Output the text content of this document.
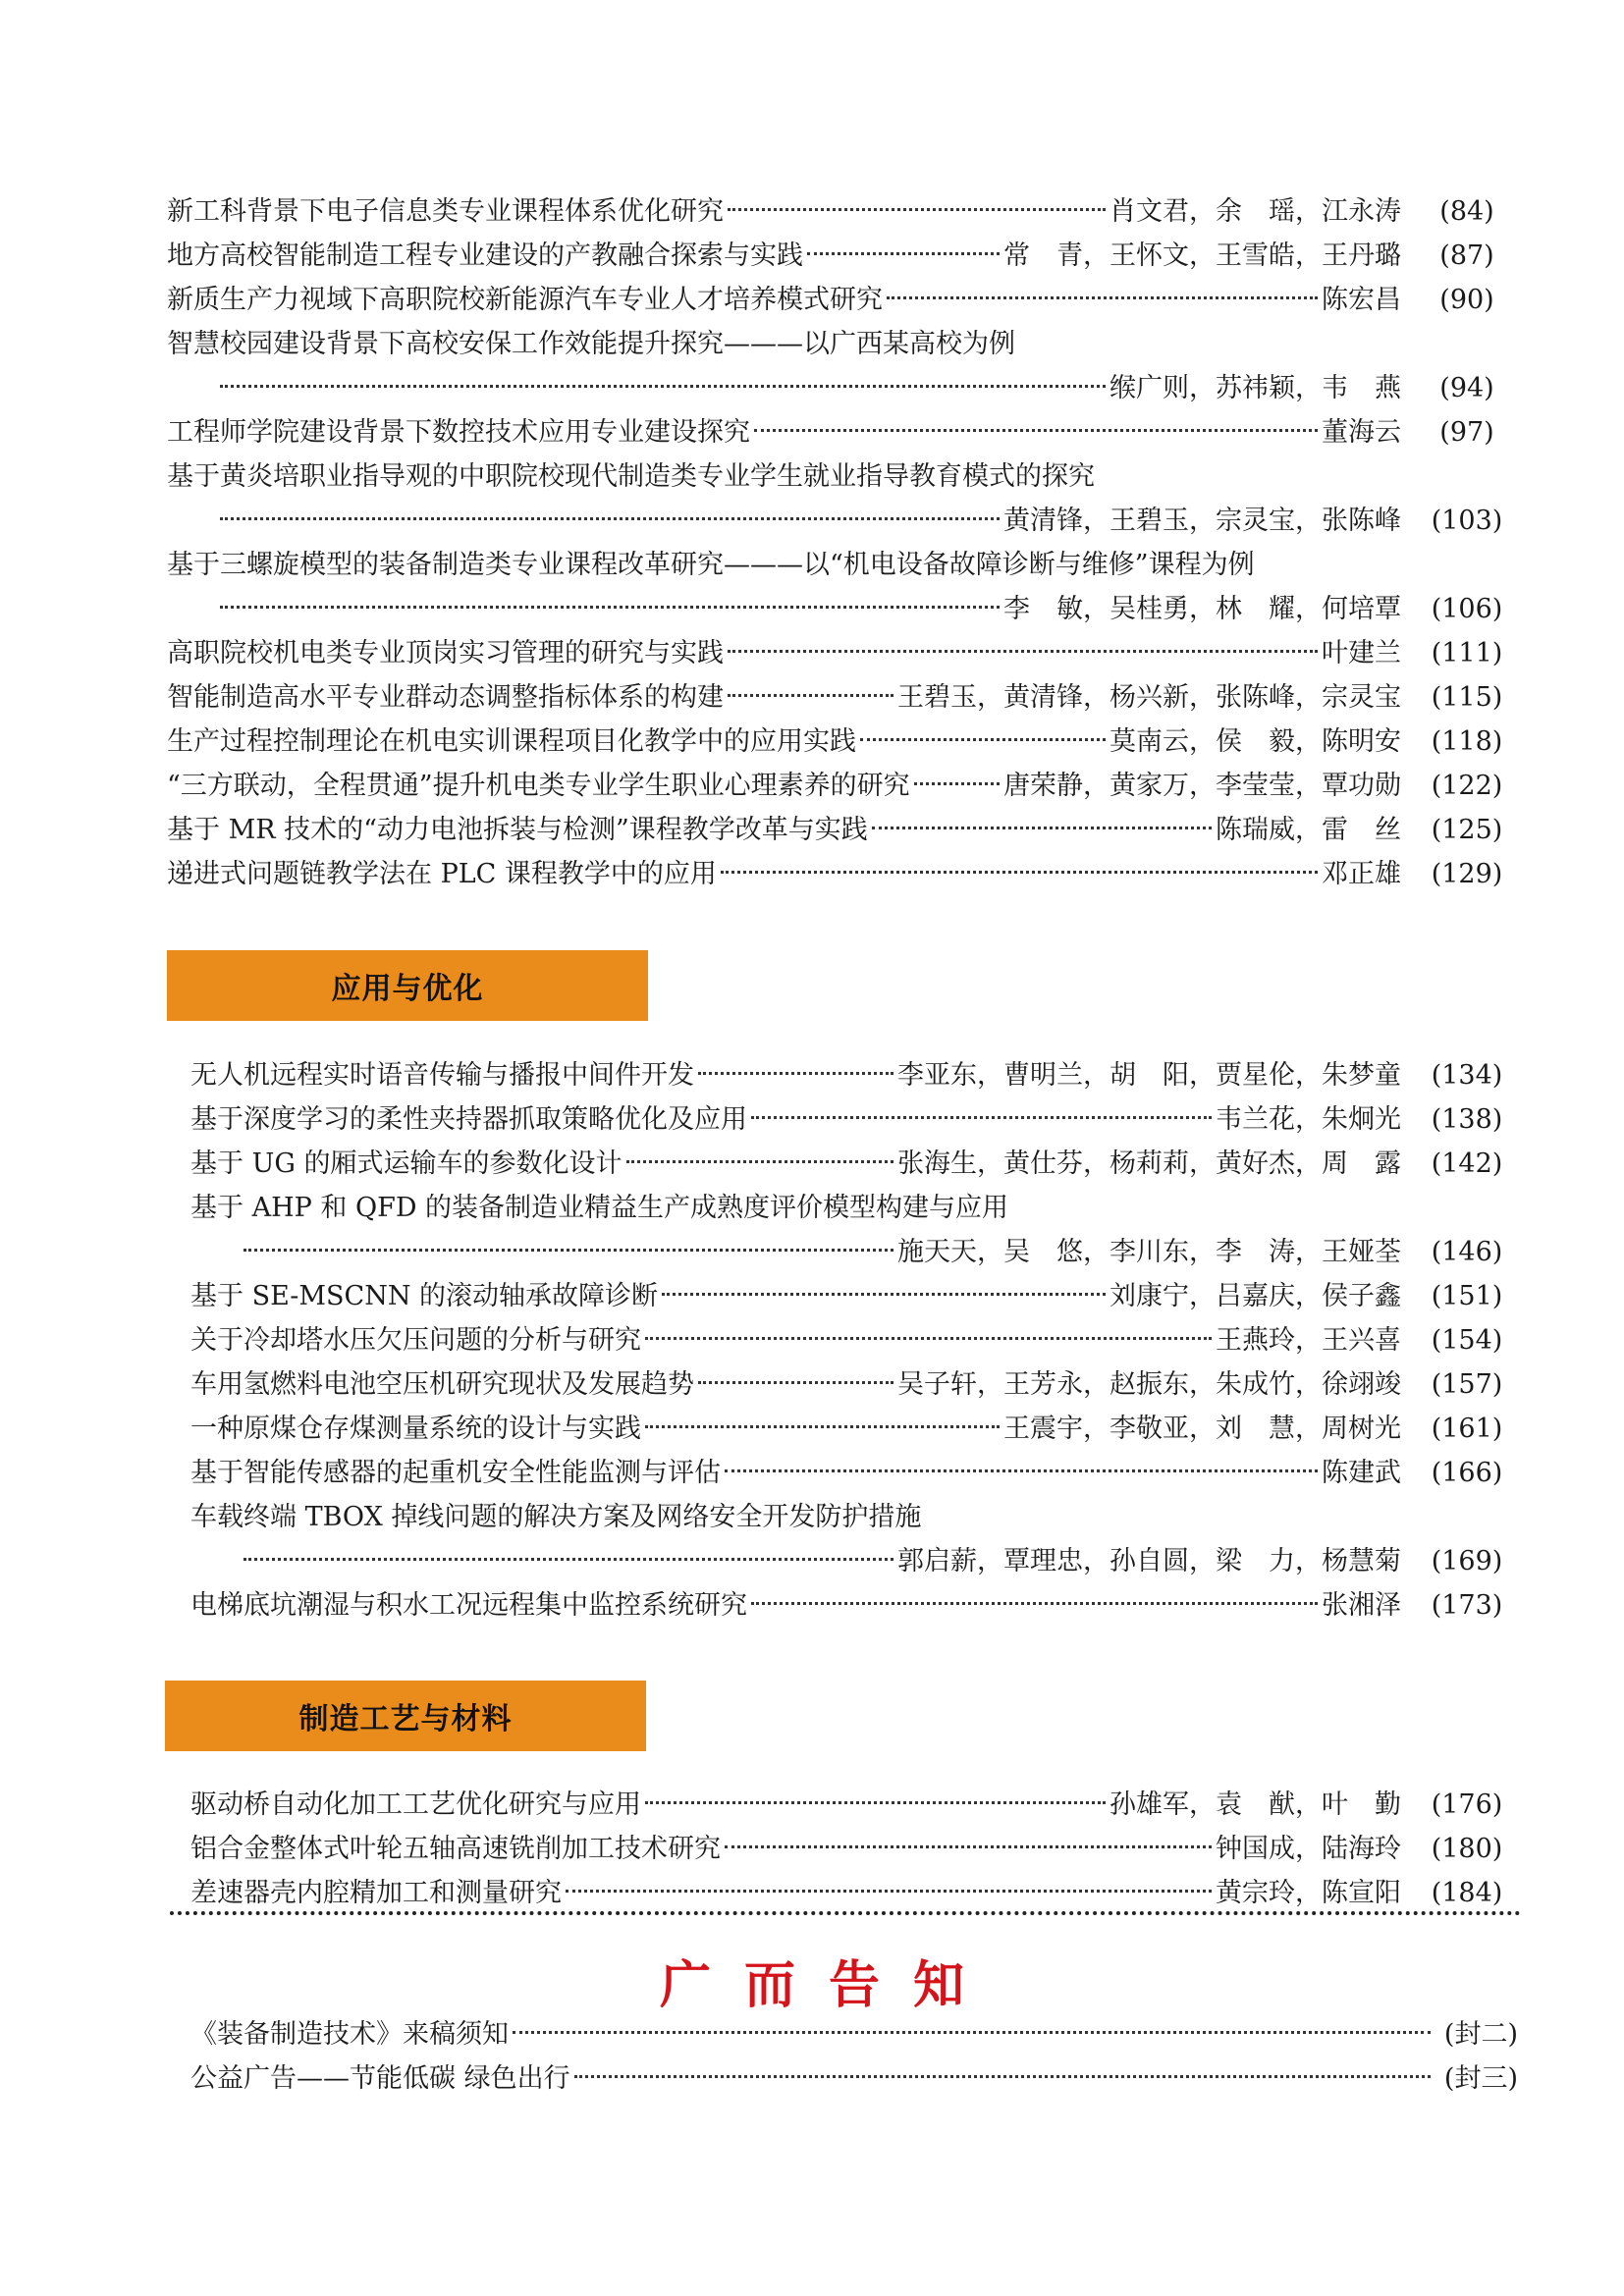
新工科背景下电子信息类专业课程体系优化研究	肖文君，余　瑶，江永涛	(84)
地方高校智能制造工程专业建设的产教融合探索与实践	常　青，王怀文，王雪皓，王丹璐	(87)
新质生产力视域下高职院校新能源汽车专业人才培养模式研究	陈宏昌	(90)
智慧校园建设背景下高校安保工作效能提升探究———以广西某高校为例
缑广则，苏祎颖，韦　燕	(94)
工程师学院建设背景下数控技术应用专业建设探究	董海云	(97)
基于黄炎培职业指导观的中职院校现代制造类专业学生就业指导教育模式的探究
黄清锋，王碧玉，宗灵宝，张陈峰	(103)
基于三螺旋模型的装备制造类专业课程改革研究———以“机电设备故障诊断与维修”课程为例
李　敏，吴桂勇，林　耀，何培覃	(106)
高职院校机电类专业顶岗实习管理的研究与实践	叶建兰	(111)
智能制造高水平专业群动态调整指标体系的构建	王碧玉，黄清锋，杨兴新，张陈峰，宗灵宝	(115)
生产过程控制理论在机电实训课程项目化教学中的应用实践	莫南云，侯　毅，陈明安	(118)
“三方联动，全程贯通”提升机电类专业学生职业心理素养的研究	唐荣静，黄家万，李莹莹，覃功勋	(122)
基于 MR 技术的“动力电池拆装与检测”课程教学改革与实践	陈瑞威，雷　丝	(125)
递进式问题链教学法在 PLC 课程教学中的应用	邓正雄	(129)
应用与优化
无人机远程实时语音传输与播报中间件开发	李亚东，曹明兰，胡　阳，贾星伦，朱梦童	(134)
基于深度学习的柔性夹持器抓取策略优化及应用	韦兰花，朱炯光	(138)
基于 UG 的厢式运输车的参数化设计	张海生，黄仕芬，杨莉莉，黄好杰，周　露	(142)
基于 AHP 和 QFD 的装备制造业精益生产成熟度评价模型构建与应用
施天天，吴　悠，李川东，李　涛，王娅荃	(146)
基于 SE-MSCNN 的滚动轴承故障诊断	刘康宁，吕嘉庆，侯子鑫	(151)
关于冷却塔水压欠压问题的分析与研究	王燕玲，王兴喜	(154)
车用氢燃料电池空压机研究现状及发展趋势	吴子轩，王芳永，赵振东，朱成竹，徐翊竣	(157)
一种原煤仓存煤测量系统的设计与实践	王震宇，李敬亚，刘　慧，周树光	(161)
基于智能传感器的起重机安全性能监测与评估	陈建武	(166)
车载终端 TBOX 掉线问题的解决方案及网络安全开发防护措施
郭启薪，覃理忠，孙自圆，梁　力，杨慧菊	(169)
电梯底坑潮湿与积水工况远程集中监控系统研究	张湘泽	(173)
制造工艺与材料
驱动桥自动化加工工艺优化研究与应用	孙雄军，袁　猷，叶　勤	(176)
铝合金整体式叶轮五轴高速铣削加工技术研究	钟国成，陆海玲	(180)
差速器壳内腔精加工和测量研究	黄宗玲，陈宣阳	(184)
广而告知
《装备制造技术》来稿须知	(封二)
公益广告——节能低碳 绿色出行	(封三)
